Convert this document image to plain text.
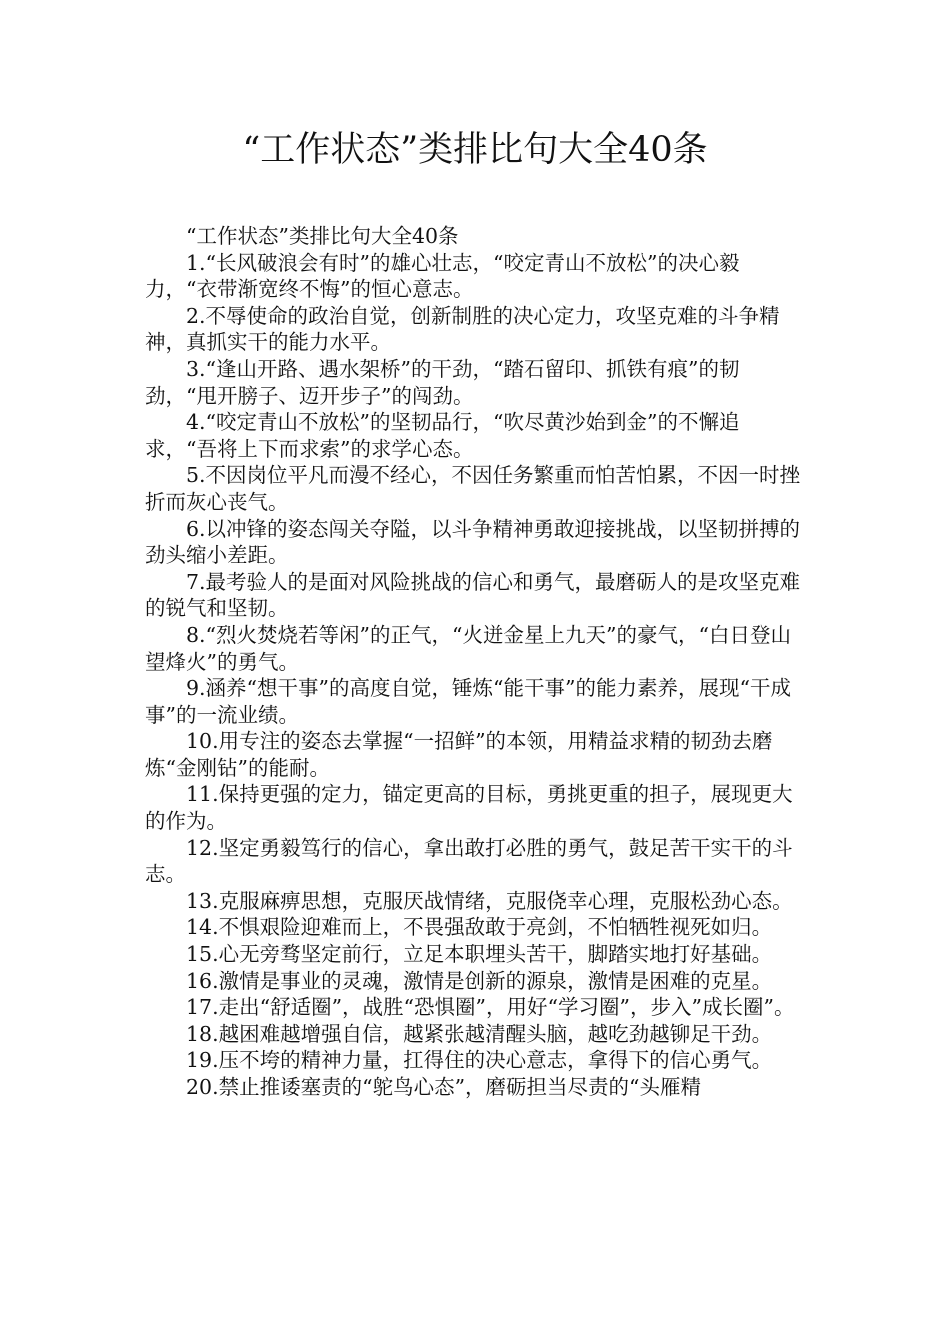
“工作状态”类排比句大全40条

“工作状态”类排比句大全40条

1.“长风破浪会有时”的雄心壮志，“咬定青山不放松”的决心毅力，“衣带渐宽终不悔”的恒心意志。

2.不辱使命的政治自觉，创新制胜的决心定力，攻坚克难的斗争精神，真抓实干的能力水平。

3.“逢山开路、遇水架桥”的干劲，“踏石留印、抓铁有痕”的韧劲，“甩开膀子、迈开步子”的闯劲。

4.“咬定青山不放松”的坚韧品行，“吹尽黄沙始到金”的不懈追求，“吾将上下而求索”的求学心态。

5.不因岗位平凡而漫不经心，不因任务繁重而怕苦怕累，不因一时挫折而灰心丧气。

6.以冲锋的姿态闯关夺隘，以斗争精神勇敢迎接挑战，以坚韧拼搏的劲头缩小差距。

7.最考验人的是面对风险挑战的信心和勇气，最磨砺人的是攻坚克难的锐气和坚韧。

8.“烈火焚烧若等闲”的正气，“火迸金星上九天”的豪气，“白日登山望烽火”的勇气。

9.涵养“想干事”的高度自觉，锤炼“能干事”的能力素养，展现“干成事”的一流业绩。

10.用专注的姿态去掌握“一招鲜”的本领，用精益求精的韧劲去磨炼“金刚钻”的能耐。

11.保持更强的定力，锚定更高的目标，勇挑更重的担子，展现更大的作为。

12.坚定勇毅笃行的信心，拿出敢打必胜的勇气，鼓足苦干实干的斗志。

13.克服麻痹思想，克服厌战情绪，克服侥幸心理，克服松劲心态。

14.不惧艰险迎难而上，不畏强敌敢于亮剑，不怕牺牲视死如归。

15.心无旁骛坚定前行，立足本职埋头苦干，脚踏实地打好基础。

16.激情是事业的灵魂，激情是创新的源泉，激情是困难的克星。

17.走出“舒适圈”，战胜“恐惧圈”，用好“学习圈”，步入”成长圈”。

18.越困难越增强自信，越紧张越清醒头脑，越吃劲越铆足干劲。

19.压不垮的精神力量，扛得住的决心意志，拿得下的信心勇气。

20.禁止推诿塞责的“鸵鸟心态”，磨砺担当尽责的“头雁精
